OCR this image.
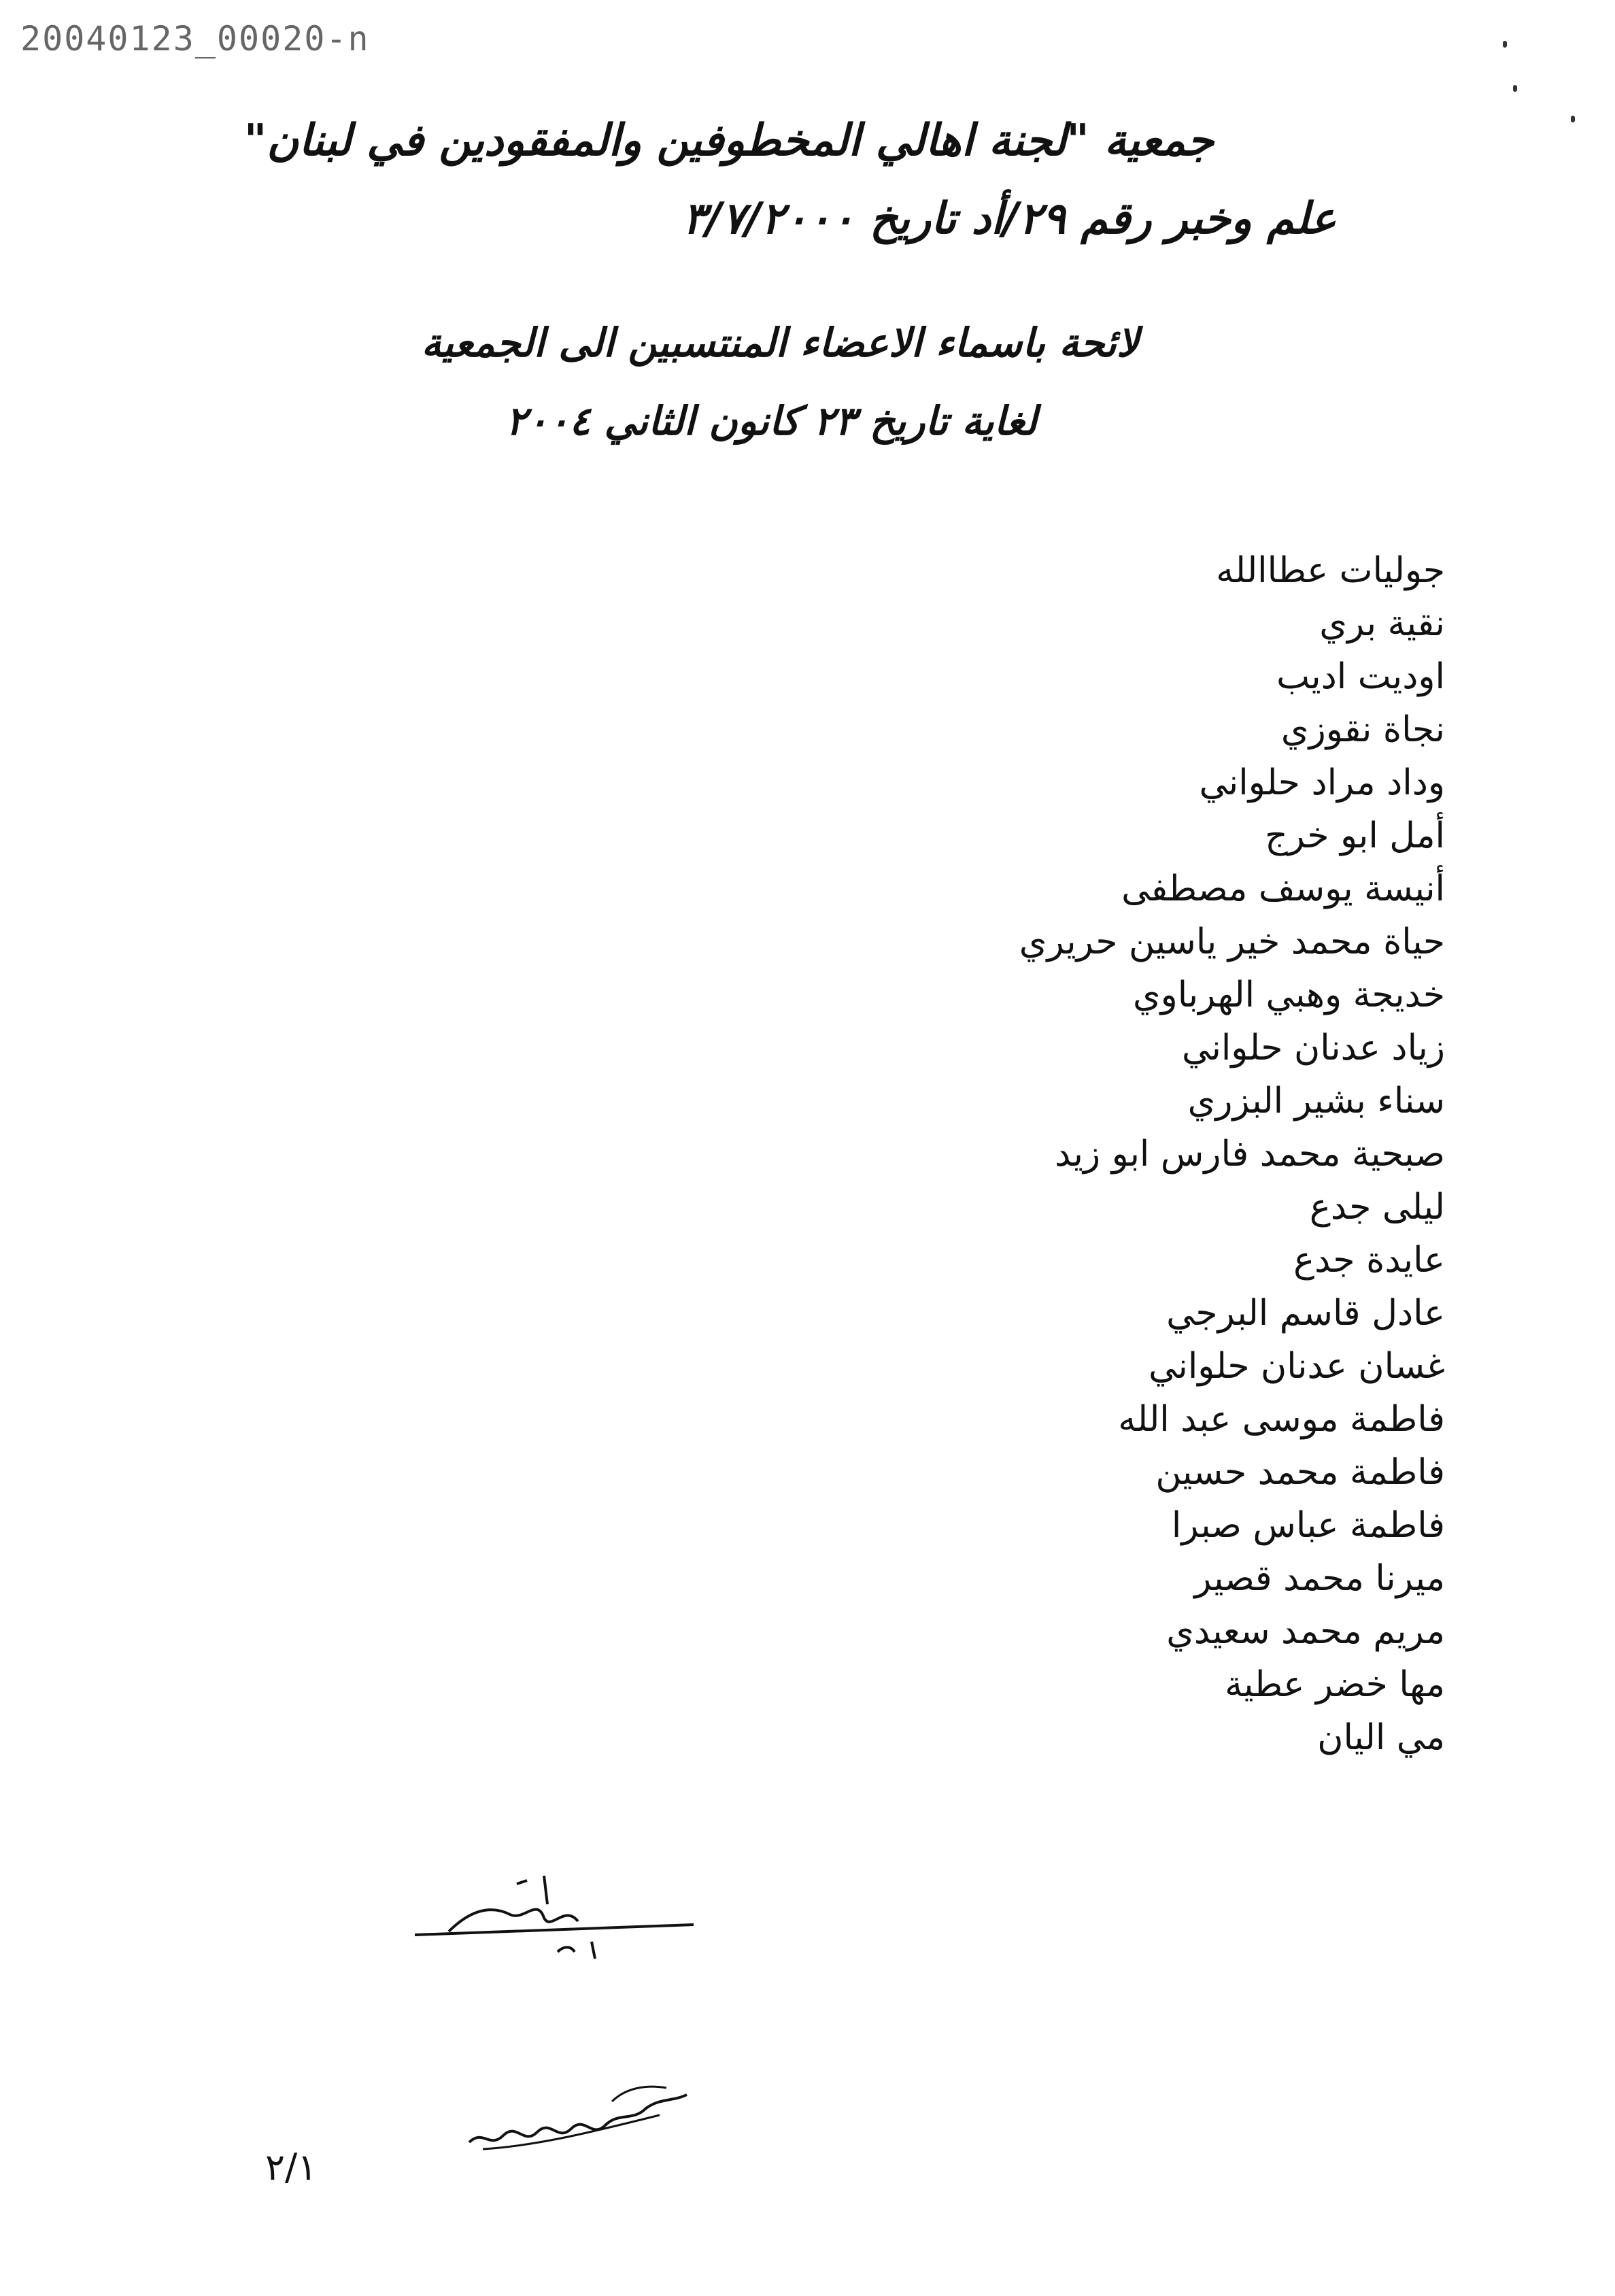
20040123_00020-n
جمعية "لجنة اهالي المخطوفين والمفقودين في لبنان"
علم وخبر رقم ٢٩/أد تاريخ ٣/٧/٢٠٠٠
لائحة باسماء الاعضاء المنتسبين الى الجمعية
لغاية تاريخ ٢٣ كانون الثاني ٢٠٠٤
جوليات عطاالله
نقية بري
اوديت اديب
نجاة نقوزي
وداد مراد حلواني
أمل ابو خرج
أنيسة يوسف مصطفى
حياة محمد خير ياسين حريري
خديجة وهبي الهرباوي
زياد عدنان حلواني
سناء بشير البزري
صبحية محمد فارس ابو زيد
ليلى جدع
عايدة جدع
عادل قاسم البرجي
غسان عدنان حلواني
فاطمة موسى عبد الله
فاطمة محمد حسين
فاطمة عباس صبرا
ميرنا محمد قصير
مريم محمد سعيدي
مها خضر عطية
مي اليان
٢/١
